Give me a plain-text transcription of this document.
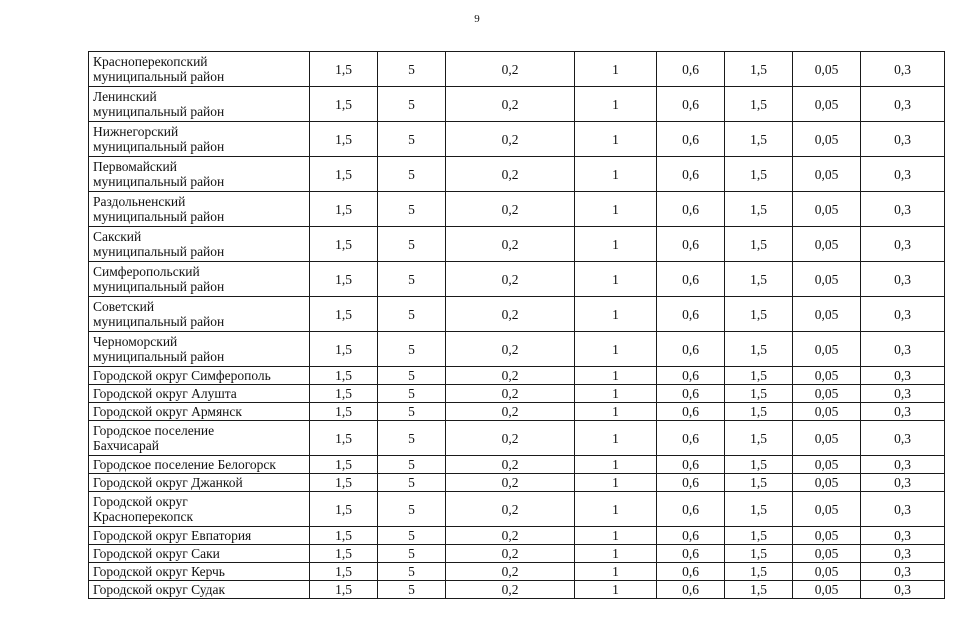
9
Красноперекопский
муниципальный район	1,5	5	0,2	1	0,6	1,5	0,05	0,3

Ленинский
муниципальный район	1,5	5	0,2	1	0,6	1,5	0,05	0,3

Нижнегорский
муниципальный район	1,5	5	0,2	1	0,6	1,5	0,05	0,3

Первомайский
муниципальный район	1,5	5	0,2	1	0,6	1,5	0,05	0,3

Раздольненский
муниципальный район	1,5	5	0,2	1	0,6	1,5	0,05	0,3

Сакский
муниципальный район	1,5	5	0,2	1	0,6	1,5	0,05	0,3

Симферопольский
муниципальный район	1,5	5	0,2	1	0,6	1,5	0,05	0,3

Советский
муниципальный район	1,5	5	0,2	1	0,6	1,5	0,05	0,3

Черноморский
муниципальный район	1,5	5	0,2	1	0,6	1,5	0,05	0,3

Городской округ Симферополь	1,5	5	0,2	1	0,6	1,5	0,05	0,3

Городской округ Алушта	1,5	5	0,2	1	0,6	1,5	0,05	0,3

Городской округ Армянск	1,5	5	0,2	1	0,6	1,5	0,05	0,3

Городское поселение
Бахчисарай	1,5	5	0,2	1	0,6	1,5	0,05	0,3

Городское поселение Белогорск	1,5	5	0,2	1	0,6	1,5	0,05	0,3

Городской округ Джанкой	1,5	5	0,2	1	0,6	1,5	0,05	0,3

Городской округ
Красноперекопск	1,5	5	0,2	1	0,6	1,5	0,05	0,3

Городской округ Евпатория	1,5	5	0,2	1	0,6	1,5	0,05	0,3

Городской округ Саки	1,5	5	0,2	1	0,6	1,5	0,05	0,3

Городской округ Керчь	1,5	5	0,2	1	0,6	1,5	0,05	0,3

Городской округ Судак	1,5	5	0,2	1	0,6	1,5	0,05	0,3
